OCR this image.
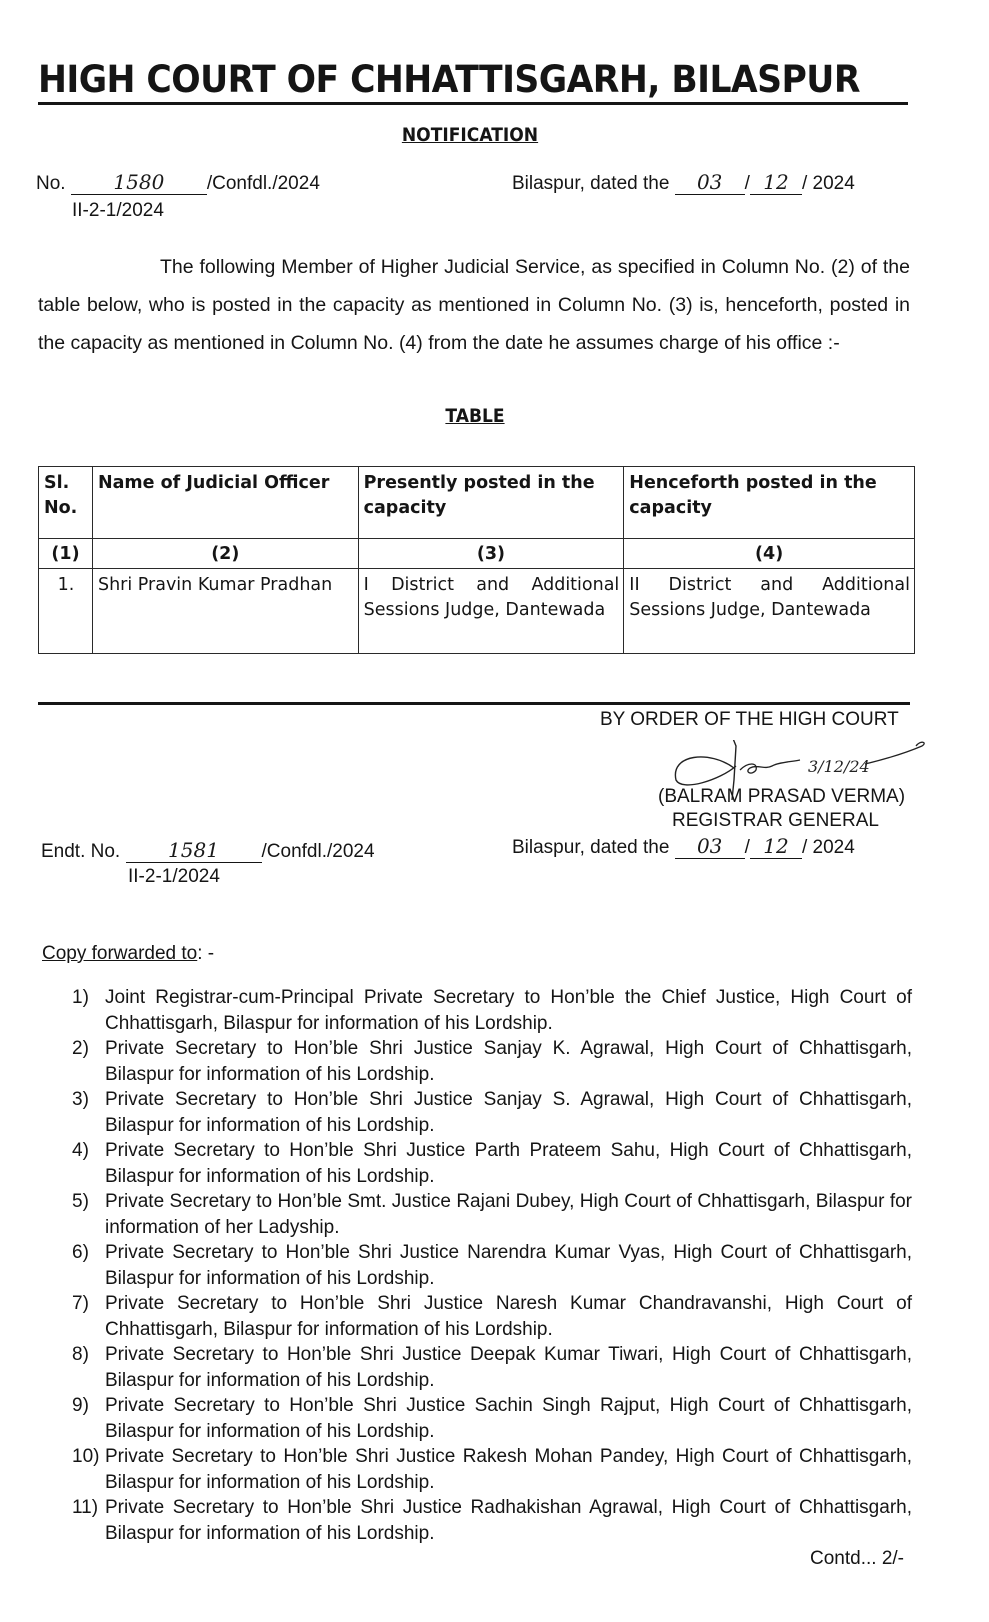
HIGH COURT OF CHHATTISGARH, BILASPUR
NOTIFICATION
No. 1580 /Confdl./2024
II-2-1/2024
Bilaspur, dated the 03 / 12 / 2024
The following Member of Higher Judicial Service, as specified in Column No. (2) of the table below, who is posted in the capacity as mentioned in Column No. (3) is, henceforth, posted in the capacity as mentioned in Column No. (4) from the date he assumes charge of his office :-
TABLE
Sl. No.	Name of Judicial Officer	Presently posted in the capacity	Henceforth posted in the capacity
(1)	(2)	(3)	(4)
1.	Shri Pravin Kumar Pradhan	I District and Additional Sessions Judge, Dantewada	II District and Additional Sessions Judge, Dantewada
BY ORDER OF THE HIGH COURT
3/12/24
(BALRAM PRASAD VERMA)
REGISTRAR GENERAL
Endt. No. 1581 /Confdl./2024
II-2-1/2024
Bilaspur, dated the 03 / 12 / 2024
Copy forwarded to: -
1) Joint Registrar-cum-Principal Private Secretary to Hon’ble the Chief Justice, High Court of Chhattisgarh, Bilaspur for information of his Lordship.
2) Private Secretary to Hon’ble Shri Justice Sanjay K. Agrawal, High Court of Chhattisgarh, Bilaspur for information of his Lordship.
3) Private Secretary to Hon’ble Shri Justice Sanjay S. Agrawal, High Court of Chhattisgarh, Bilaspur for information of his Lordship.
4) Private Secretary to Hon’ble Shri Justice Parth Prateem Sahu, High Court of Chhattisgarh, Bilaspur for information of his Lordship.
5) Private Secretary to Hon’ble Smt. Justice Rajani Dubey, High Court of Chhattisgarh, Bilaspur for information of her Ladyship.
6) Private Secretary to Hon’ble Shri Justice Narendra Kumar Vyas, High Court of Chhattisgarh, Bilaspur for information of his Lordship.
7) Private Secretary to Hon’ble Shri Justice Naresh Kumar Chandravanshi, High Court of Chhattisgarh, Bilaspur for information of his Lordship.
8) Private Secretary to Hon’ble Shri Justice Deepak Kumar Tiwari, High Court of Chhattisgarh, Bilaspur for information of his Lordship.
9) Private Secretary to Hon’ble Shri Justice Sachin Singh Rajput, High Court of Chhattisgarh, Bilaspur for information of his Lordship.
10) Private Secretary to Hon’ble Shri Justice Rakesh Mohan Pandey, High Court of Chhattisgarh, Bilaspur for information of his Lordship.
11) Private Secretary to Hon’ble Shri Justice Radhakishan Agrawal, High Court of Chhattisgarh, Bilaspur for information of his Lordship.
Contd... 2/-
